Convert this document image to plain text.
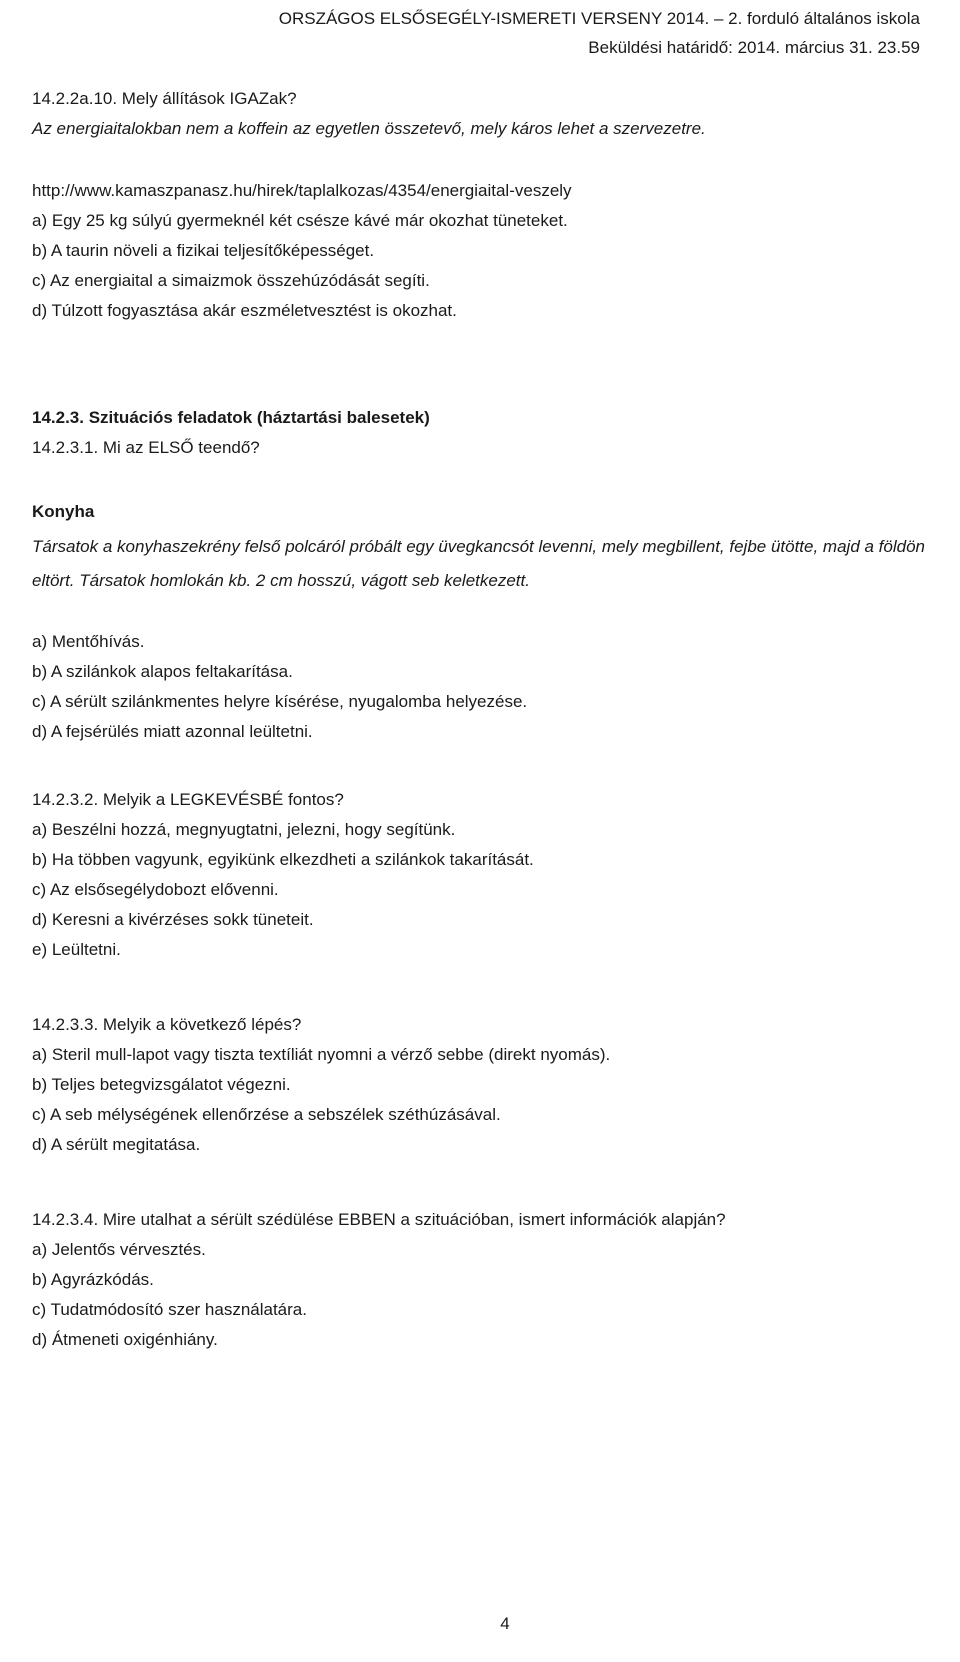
ORSZÁGOS ELSŐSEGÉLY-ISMERETI VERSENY 2014. – 2. forduló általános iskola
Beküldési határidő: 2014. március 31. 23.59
14.2.2a.10. Mely állítások IGAZak?
Az energiaitalokban nem a koffein az egyetlen összetevő, mely káros lehet a szervezetre.
http://www.kamaszpanasz.hu/hirek/taplalkozas/4354/energiaital-veszely
a) Egy 25 kg súlyú gyermeknél két csésze kávé már okozhat tüneteket.
b) A taurin növeli a fizikai teljesítőképességet.
c) Az energiaital a simaizmok összehúzódását segíti.
d) Túlzott fogyasztása akár eszméletvesztést is okozhat.
14.2.3. Szituációs feladatok (háztartási balesetek)
14.2.3.1. Mi az ELSŐ teendő?
Konyha
Társatok a konyhaszekrény felső polcáról próbált egy üvegkancsót levenni, mely megbillent, fejbe ütötte, majd a földön eltört. Társatok homlokán kb. 2 cm hosszú, vágott seb keletkezett.
a) Mentőhívás.
b) A szilánkok alapos feltakarítása.
c) A sérült szilánkmentes helyre kísérése, nyugalomba helyezése.
d) A fejsérülés miatt azonnal leültetni.
14.2.3.2. Melyik a LEGKEVÉSBÉ fontos?
a) Beszélni hozzá, megnyugtatni, jelezni, hogy segítünk.
b) Ha többen vagyunk, egyikünk elkezdheti a szilánkok takarítását.
c) Az elsősegélydobozt elővenni.
d) Keresni a kivérzéses sokk tüneteit.
e) Leültetni.
14.2.3.3. Melyik a következő lépés?
a) Steril mull-lapot vagy tiszta textíliát nyomni a vérző sebbe (direkt nyomás).
b) Teljes betegvizsgálatot végezni.
c) A seb mélységének ellenőrzése a sebszélek széthúzásával.
d) A sérült megitatása.
14.2.3.4. Mire utalhat a sérült szédülése EBBEN a szituációban, ismert információk alapján?
a) Jelentős vérvesztés.
b) Agyrázkódás.
c) Tudatmódosító szer használatára.
d) Átmeneti oxigénhiány.
4
